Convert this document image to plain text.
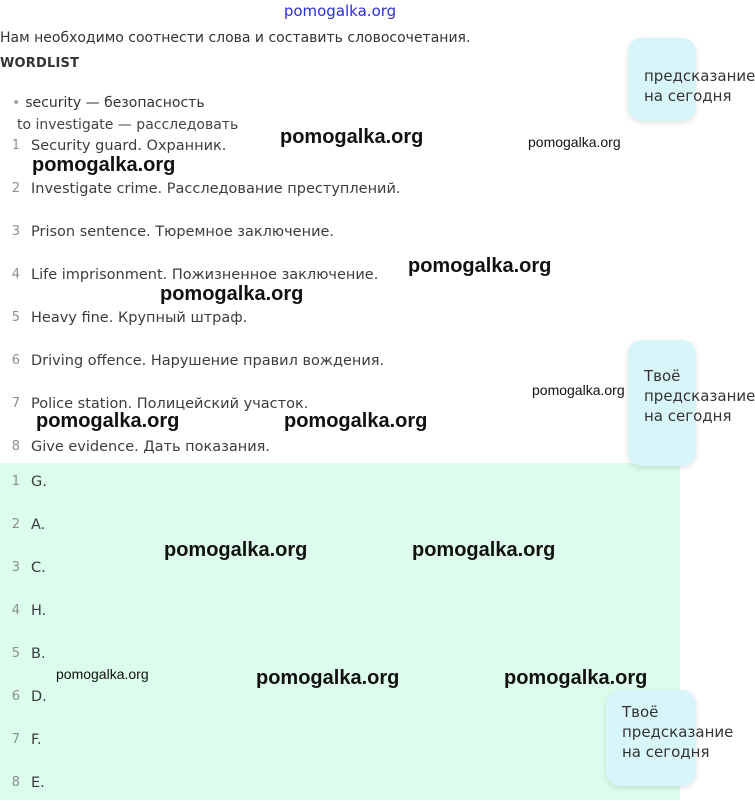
pomogalka.org
Нам необходимо соотнести слова и составить словосочетания.
WORDLIST
• security — безопасность
to investigate — расследовать
1 Security guard. Охранник.
2 Investigate crime. Расследование преступлений.
3 Prison sentence. Тюремное заключение.
4 Life imprisonment. Пожизненное заключение.
5 Heavy fine. Крупный штраф.
6 Driving offence. Нарушение правил вождения.
7 Police station. Полицейский участок.
8 Give evidence. Дать показания.
1 G.
2 A.
3 C.
4 H.
5 B.
6 D.
7 F.
8 E.
предсказание
на сегодня
Твоё
предсказание
на сегодня
Твоё
предсказание
на сегодня
pomogalka.org	pomogalka.org
pomogalka.org
pomogalka.org
pomogalka.org
pomogalka.org
pomogalka.org	pomogalka.org
pomogalka.org	pomogalka.org
pomogalka.org	pomogalka.org	pomogalka.org
